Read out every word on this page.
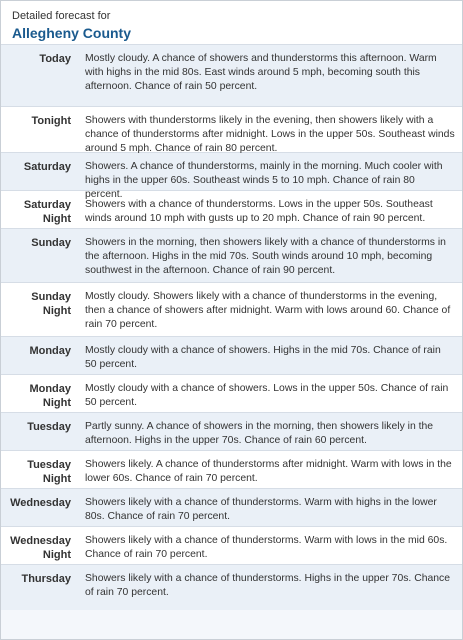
Detailed forecast for
Allegheny County
Today Mostly cloudy. A chance of showers and thunderstorms this afternoon. Warm with highs in the mid 80s. East winds around 5 mph, becoming south this afternoon. Chance of rain 50 percent.
Tonight Showers with thunderstorms likely in the evening, then showers likely with a chance of thunderstorms after midnight. Lows in the upper 50s. Southeast winds around 5 mph. Chance of rain 80 percent.
Saturday Showers. A chance of thunderstorms, mainly in the morning. Much cooler with highs in the upper 60s. Southeast winds 5 to 10 mph. Chance of rain 80 percent.
Saturday Night
Showers with a chance of thunderstorms. Lows in the upper 50s. Southeast winds around 10 mph with gusts up to 20 mph. Chance of rain 90 percent.
Sunday Showers in the morning, then showers likely with a chance of thunderstorms in the afternoon. Highs in the mid 70s. South winds around 10 mph, becoming southwest in the afternoon. Chance of rain 90 percent.
Sunday Night
Mostly cloudy. Showers likely with a chance of thunderstorms in the evening, then a chance of showers after midnight. Warm with lows around 60. Chance of rain 70 percent.
Monday Mostly cloudy with a chance of showers. Highs in the mid 70s. Chance of rain 50 percent.
Monday Night
Mostly cloudy with a chance of showers. Lows in the upper 50s. Chance of rain 50 percent.
Tuesday Partly sunny. A chance of showers in the morning, then showers likely in the afternoon. Highs in the upper 70s. Chance of rain 60 percent.
Tuesday Night
Showers likely. A chance of thunderstorms after midnight. Warm with lows in the lower 60s. Chance of rain 70 percent.
Wednesday Showers likely with a chance of thunderstorms. Warm with highs in the lower 80s. Chance of rain 70 percent.
Wednesday Night
Showers likely with a chance of thunderstorms. Warm with lows in the mid 60s. Chance of rain 70 percent.
Thursday Showers likely with a chance of thunderstorms. Highs in the upper 70s. Chance of rain 70 percent.
